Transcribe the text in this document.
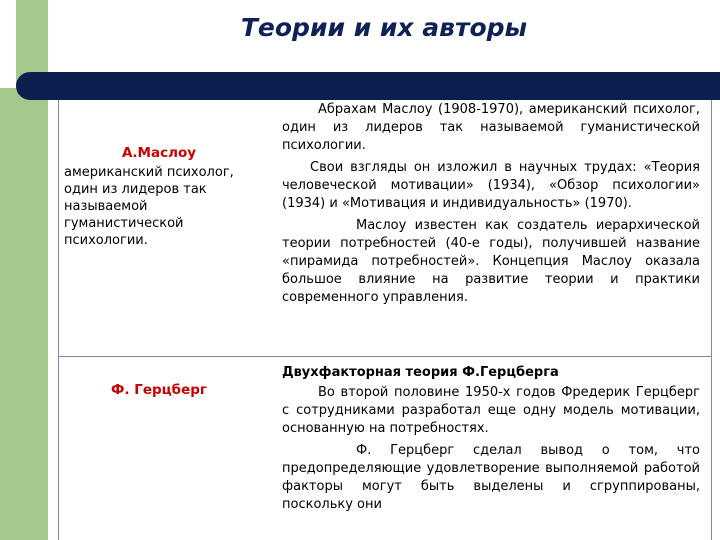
Теории и их авторы
А.Маслоу
американский психолог, один из лидеров так называемой гуманистической психологии.

Абрахам Маслоу (1908-1970), американский психолог, один из лидеров так называемой гуманистической психологии.

Свои взгляды он изложил в научных трудах: «Теория человеческой мотивации» (1934), «Обзор психологии» (1934) и «Мотивация и индивидуальность» (1970).

Маслоу известен как создатель иерархической теории потребностей (40-е годы), получившей название «пирамида потребностей». Концепция Маслоу оказала большое влияние на развитие теории и практики современного управления.

Ф. Герцберг

Двухфакторная теория Ф.Герцберга

Во второй половине 1950-х годов Фредерик Герцберг с сотрудниками разработал еще одну модель мотивации, основанную на потребностях.

Ф. Герцберг сделал вывод о том, что предопределяющие удовлетворение выполняемой работой факторы могут быть выделены и сгруппированы, поскольку они
